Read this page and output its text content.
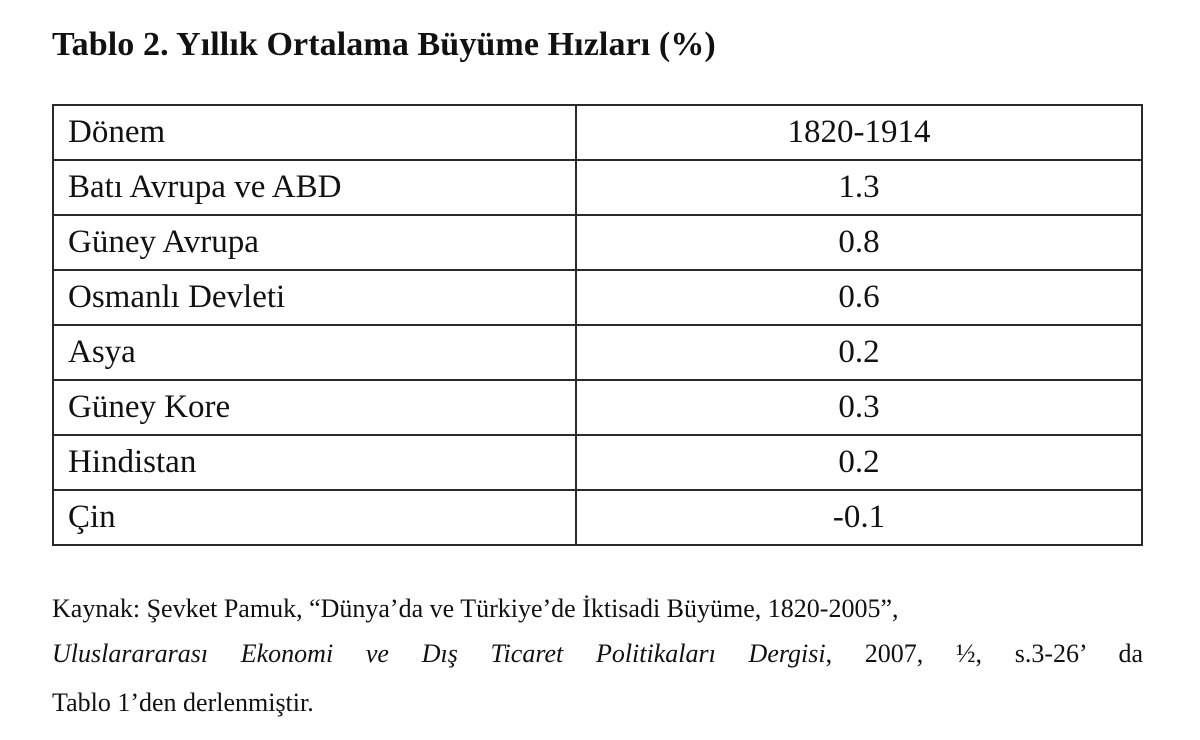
Tablo 2. Yıllık Ortalama Büyüme Hızları (%)
Dönem	1820-1914
Batı Avrupa ve ABD	1.3
Güney Avrupa	0.8
Osmanlı Devleti	0.6
Asya	0.2
Güney Kore	0.3
Hindistan	0.2
Çin	-0.1
Kaynak: Şevket Pamuk, “Dünya’da ve Türkiye’de İktisadi Büyüme, 1820-2005”,
Uluslarararası Ekonomi ve Dış Ticaret Politikaları Dergisi, 2007, ½, s.3-26’ da
Tablo 1’den derlenmiştir.
